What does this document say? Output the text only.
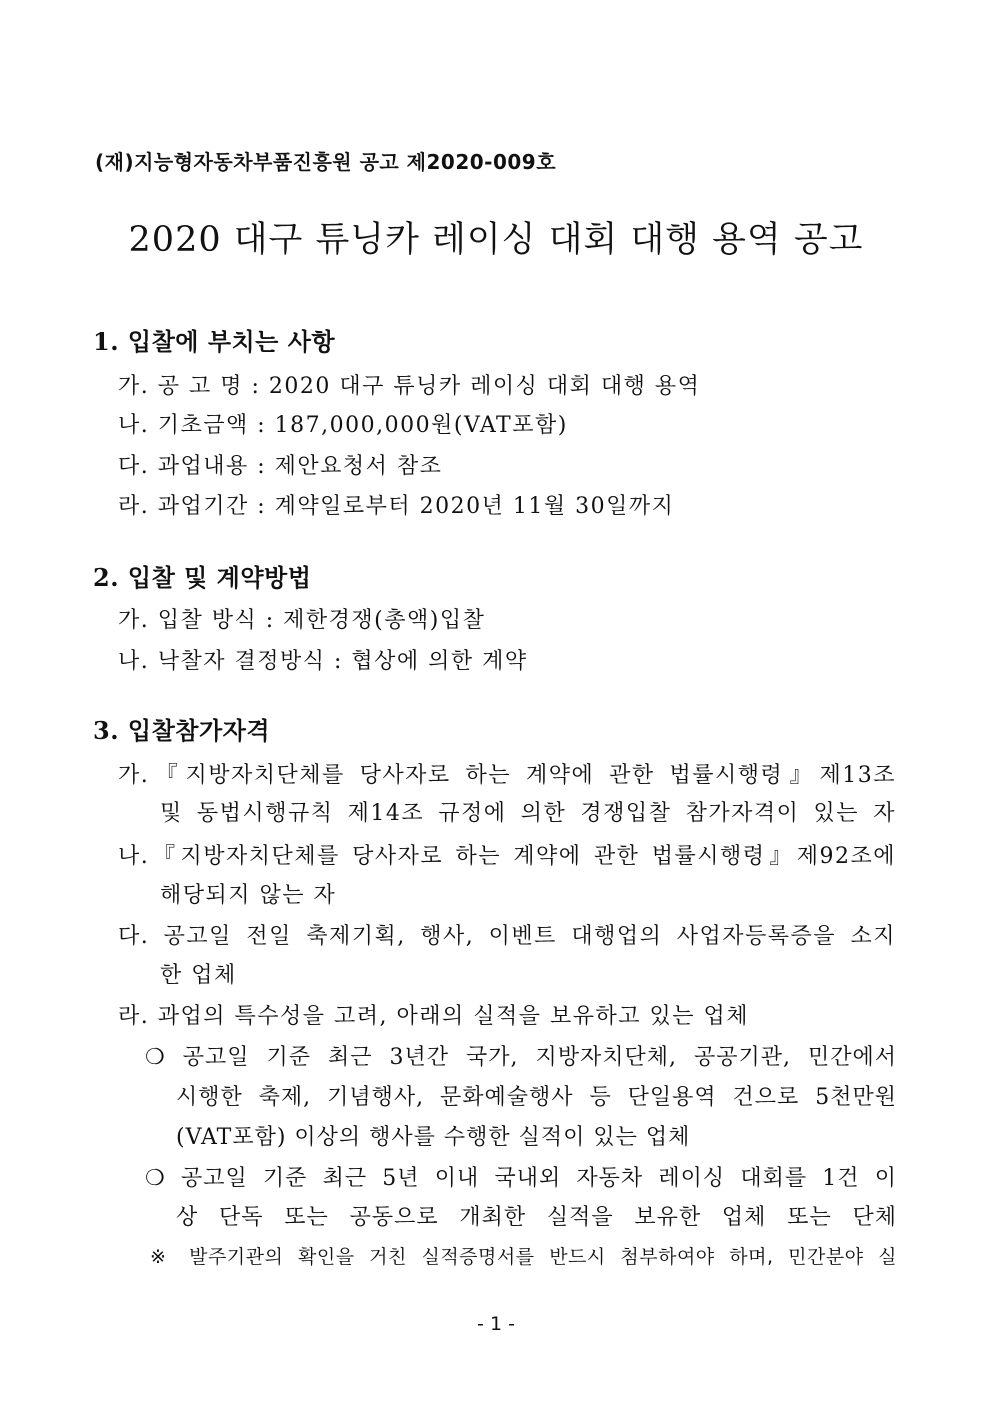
(재)지능형자동차부품진흥원 공고 제2020-009호
2020 대구 튜닝카 레이싱 대회 대행 용역 공고
1. 입찰에 부치는 사항
가. 공 고 명 : 2020 대구 튜닝카 레이싱 대회 대행 용역
나. 기초금액 : 187,000,000원(VAT포함)
다. 과업내용 : 제안요청서 참조
라. 과업기간 : 계약일로부터 2020년 11월 30일까지
2. 입찰 및 계약방법
가. 입찰 방식 : 제한경쟁(총액)입찰
나. 낙찰자 결정방식 : 협상에 의한 계약
3. 입찰참가자격
가.『지방자치단체를 당사자로 하는 계약에 관한 법률시행령』제13조
및 동법시행규칙 제14조 규정에 의한 경쟁입찰 참가자격이 있는 자
나.『지방자치단체를 당사자로 하는 계약에 관한 법률시행령』제92조에
해당되지 않는 자
다. 공고일 전일 축제기획, 행사, 이벤트 대행업의 사업자등록증을 소지
한 업체
라. 과업의 특수성을 고려, 아래의 실적을 보유하고 있는 업체
❍ 공고일 기준 최근 3년간 국가, 지방자치단체, 공공기관, 민간에서
시행한 축제, 기념행사, 문화예술행사 등 단일용역 건으로 5천만원
(VAT포함) 이상의 행사를 수행한 실적이 있는 업체
❍ 공고일 기준 최근 5년 이내 국내외 자동차 레이싱 대회를 1건 이
상 단독 또는 공동으로 개최한 실적을 보유한 업체 또는 단체
※ 발주기관의 확인을 거친 실적증명서를 반드시 첨부하여야 하며, 민간분야 실
- 1 -
